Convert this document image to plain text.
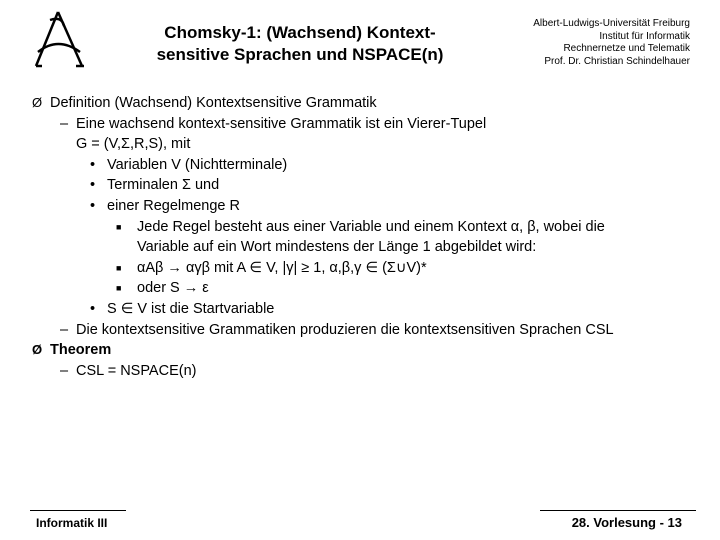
Chomsky-1: (Wachsend) Kontext-
sensitive Sprachen und NSPACE(n)
Albert-Ludwigs-Universität Freiburg
Institut für Informatik
Rechnernetze und Telematik
Prof. Dr. Christian Schindelhauer
Ø Definition (Wachsend) Kontextsensitive Grammatik
– Eine wachsend kontext-sensitive Grammatik ist ein Vierer-Tupel
G = (V,Σ,R,S), mit
• Variablen V (Nichtterminale)
• Terminalen Σ und
• einer Regelmenge R
■ Jede Regel besteht aus einer Variable und einem Kontext α, β, wobei die
Variable auf ein Wort mindestens der Länge 1 abgebildet wird:
■ αAβ → αγβ mit A ∈ V, |γ| ≥ 1, α,β,γ ∈ (Σ∪V)*
■ oder S → ε
• S ∈ V ist die Startvariable
– Die kontextsensitive Grammatiken produzieren die kontextsensitiven Sprachen CSL
Ø Theorem
– CSL = NSPACE(n)
Informatik III	28. Vorlesung - 13
